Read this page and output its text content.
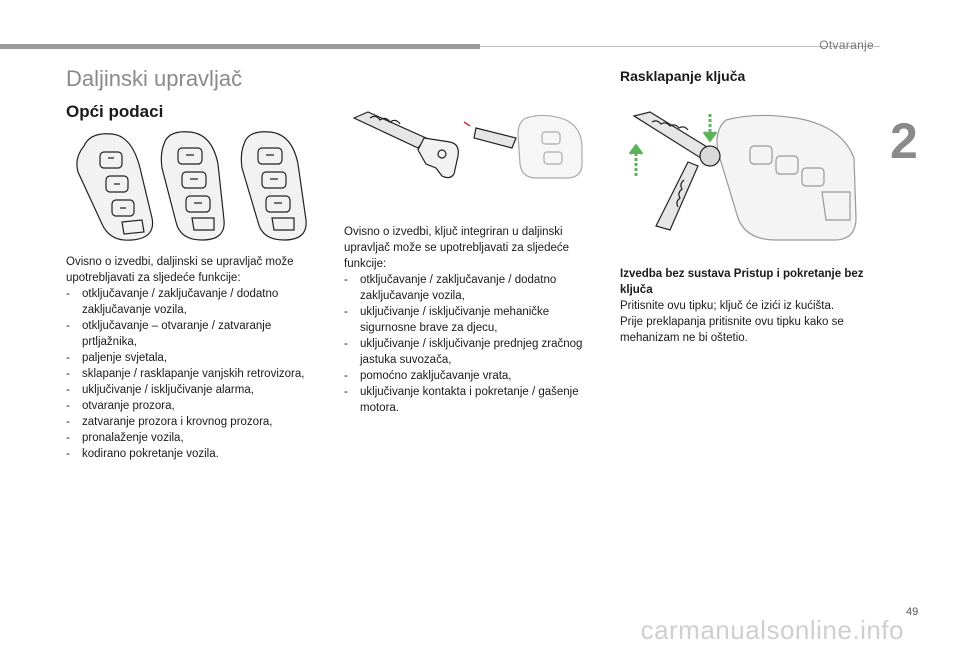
Otvaranje
2
Daljinski upravljač
Opći podaci
Rasklapanje ključa

Ovisno o izvedbi, daljinski se upravljač može upotrebljavati za sljedeće funkcije:

- otključavanje / zaključavanje / dodatno zaključavanje vozila,
- otključavanje – otvaranje / zatvaranje prtljažnika,
- paljenje svjetala,
- sklapanje / rasklapanje vanjskih retrovizora,
- uključivanje / isključivanje alarma,
- otvaranje prozora,
- zatvaranje prozora i krovnog prozora,
- pronalaženje vozila,
- kodirano pokretanje vozila.

Ovisno o izvedbi, ključ integriran u daljinski upravljač može se upotrebljavati za sljedeće funkcije:

- otključavanje / zaključavanje / dodatno zaključavanje vozila,
- uključivanje / isključivanje mehaničke sigurnosne brave za djecu,
- uključivanje / isključivanje prednjeg zračnog jastuka suvozača,
- pomoćno zaključavanje vrata,
- uključivanje kontakta i pokretanje / gašenje motora.

Izvedba bez sustava Pristup i pokretanje bez ključa

Pritisnite ovu tipku; ključ će izići iz kućišta.

Prije preklapanja pritisnite ovu tipku kako se mehanizam ne bi oštetio.

49
carmanualsonline.info
